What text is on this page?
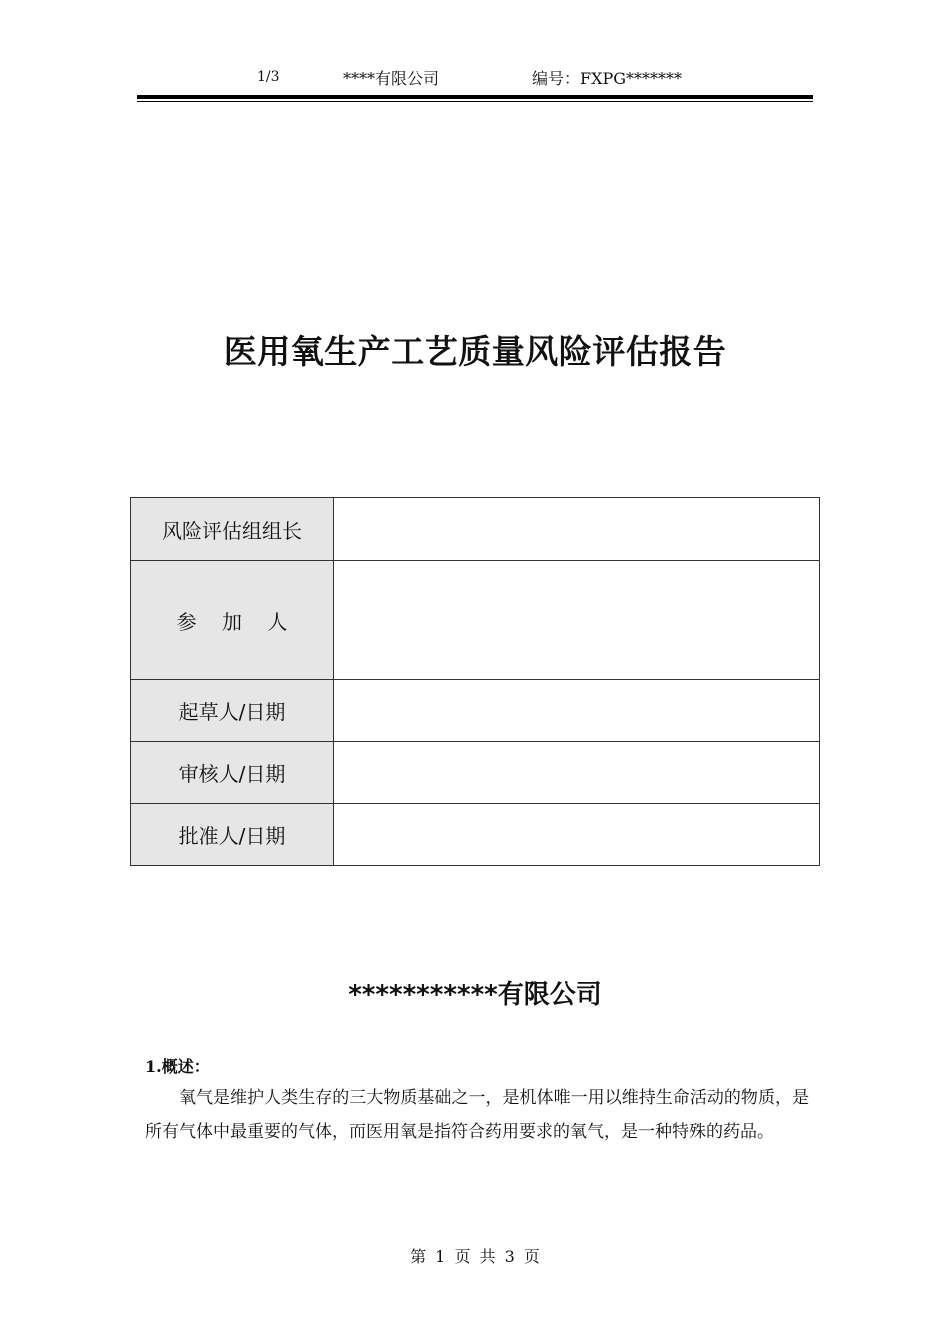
1/3	****有限公司	编号：FXPG*******
医用氧生产工艺质量风险评估报告
风险评估组组长	
参    加    人	
起草人/日期	
审核人/日期	
批准人/日期	
***********有限公司
1.概述：
氧气是维护人类生存的三大物质基础之一，是机体唯一用以维持生命活动的物质，是所有气体中最重要的气体，而医用氧是指符合药用要求的氧气，是一种特殊的药品。
第 1 页 共 3 页
